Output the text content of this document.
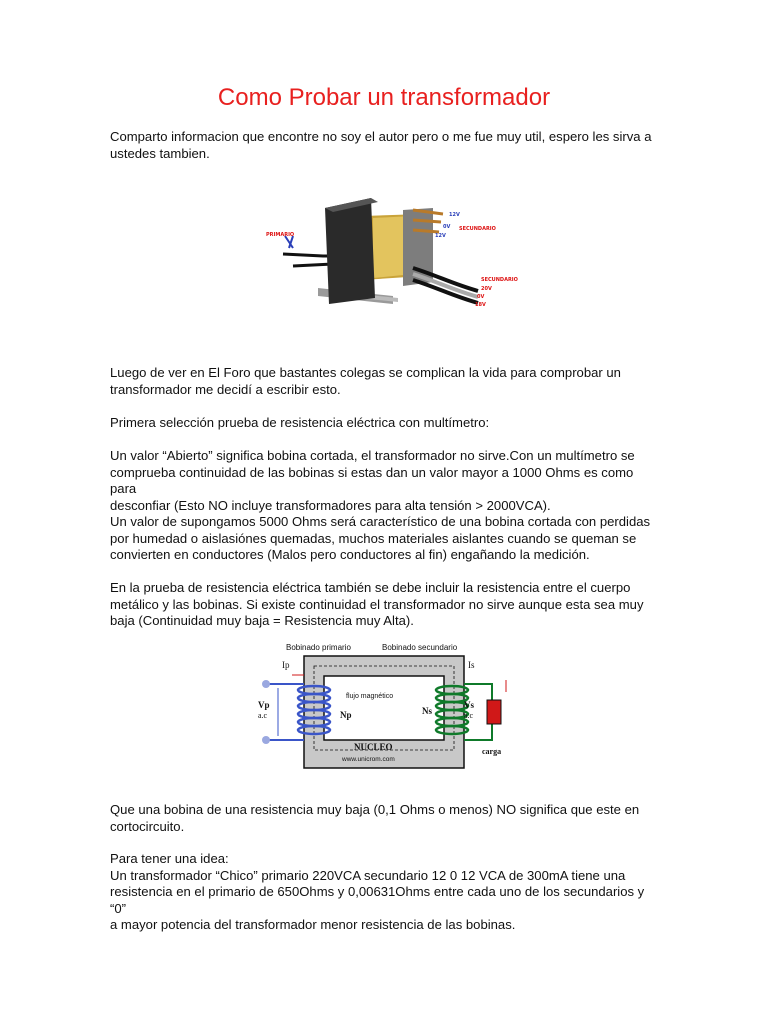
Como Probar un transformador

Comparto informacion que encontre no soy el autor pero o me fue muy util, espero les sirva a ustedes tambien.

PRIMARIO
12V
0V SECUNDARIO
12V
SECUNDARIO
20V
0V
18V

Luego de ver en El Foro que bastantes colegas se complican la vida para comprobar un
transformador me decidí a escribir esto.

Primera selección prueba de resistencia eléctrica con multímetro:

Un valor “Abierto” significa bobina cortada, el transformador no sirve.Con un multímetro se
comprueba continuidad de las bobinas si estas dan un valor mayor a 1000 Ohms es como para
desconfiar (Esto NO incluye transformadores para alta tensión > 2000VCA).

Un valor de supongamos 5000 Ohms será característico de una bobina cortada con perdidas
por humedad o aislasiónes quemadas, muchos materiales aislantes cuando se queman se
convierten en conductores (Malos pero conductores al fin) engañando la medición.

En la prueba de resistencia eléctrica también se debe incluir la resistencia entre el cuerpo
metálico y las bobinas. Si existe continuidad el transformador no sirve aunque esta sea muy
baja (Continuidad muy baja = Resistencia muy Alta).

Bobinado primario	Bobinado secundario
Ip	Is
flujo magnético
Vp
a.c	Np	Ns
Vs
a.c
NUCLEO
www.unicrom.com
carga

Que una bobina de una resistencia muy baja (0,1 Ohms o menos) NO significa que este en
cortocircuito.

Para tener una idea:
Un transformador “Chico” primario 220VCA secundario 12 0 12 VCA de 300mA tiene una
resistencia en el primario de 650Ohms y 0,00631Ohms entre cada uno de los secundarios y “0”
a mayor potencia del transformador menor resistencia de las bobinas.
